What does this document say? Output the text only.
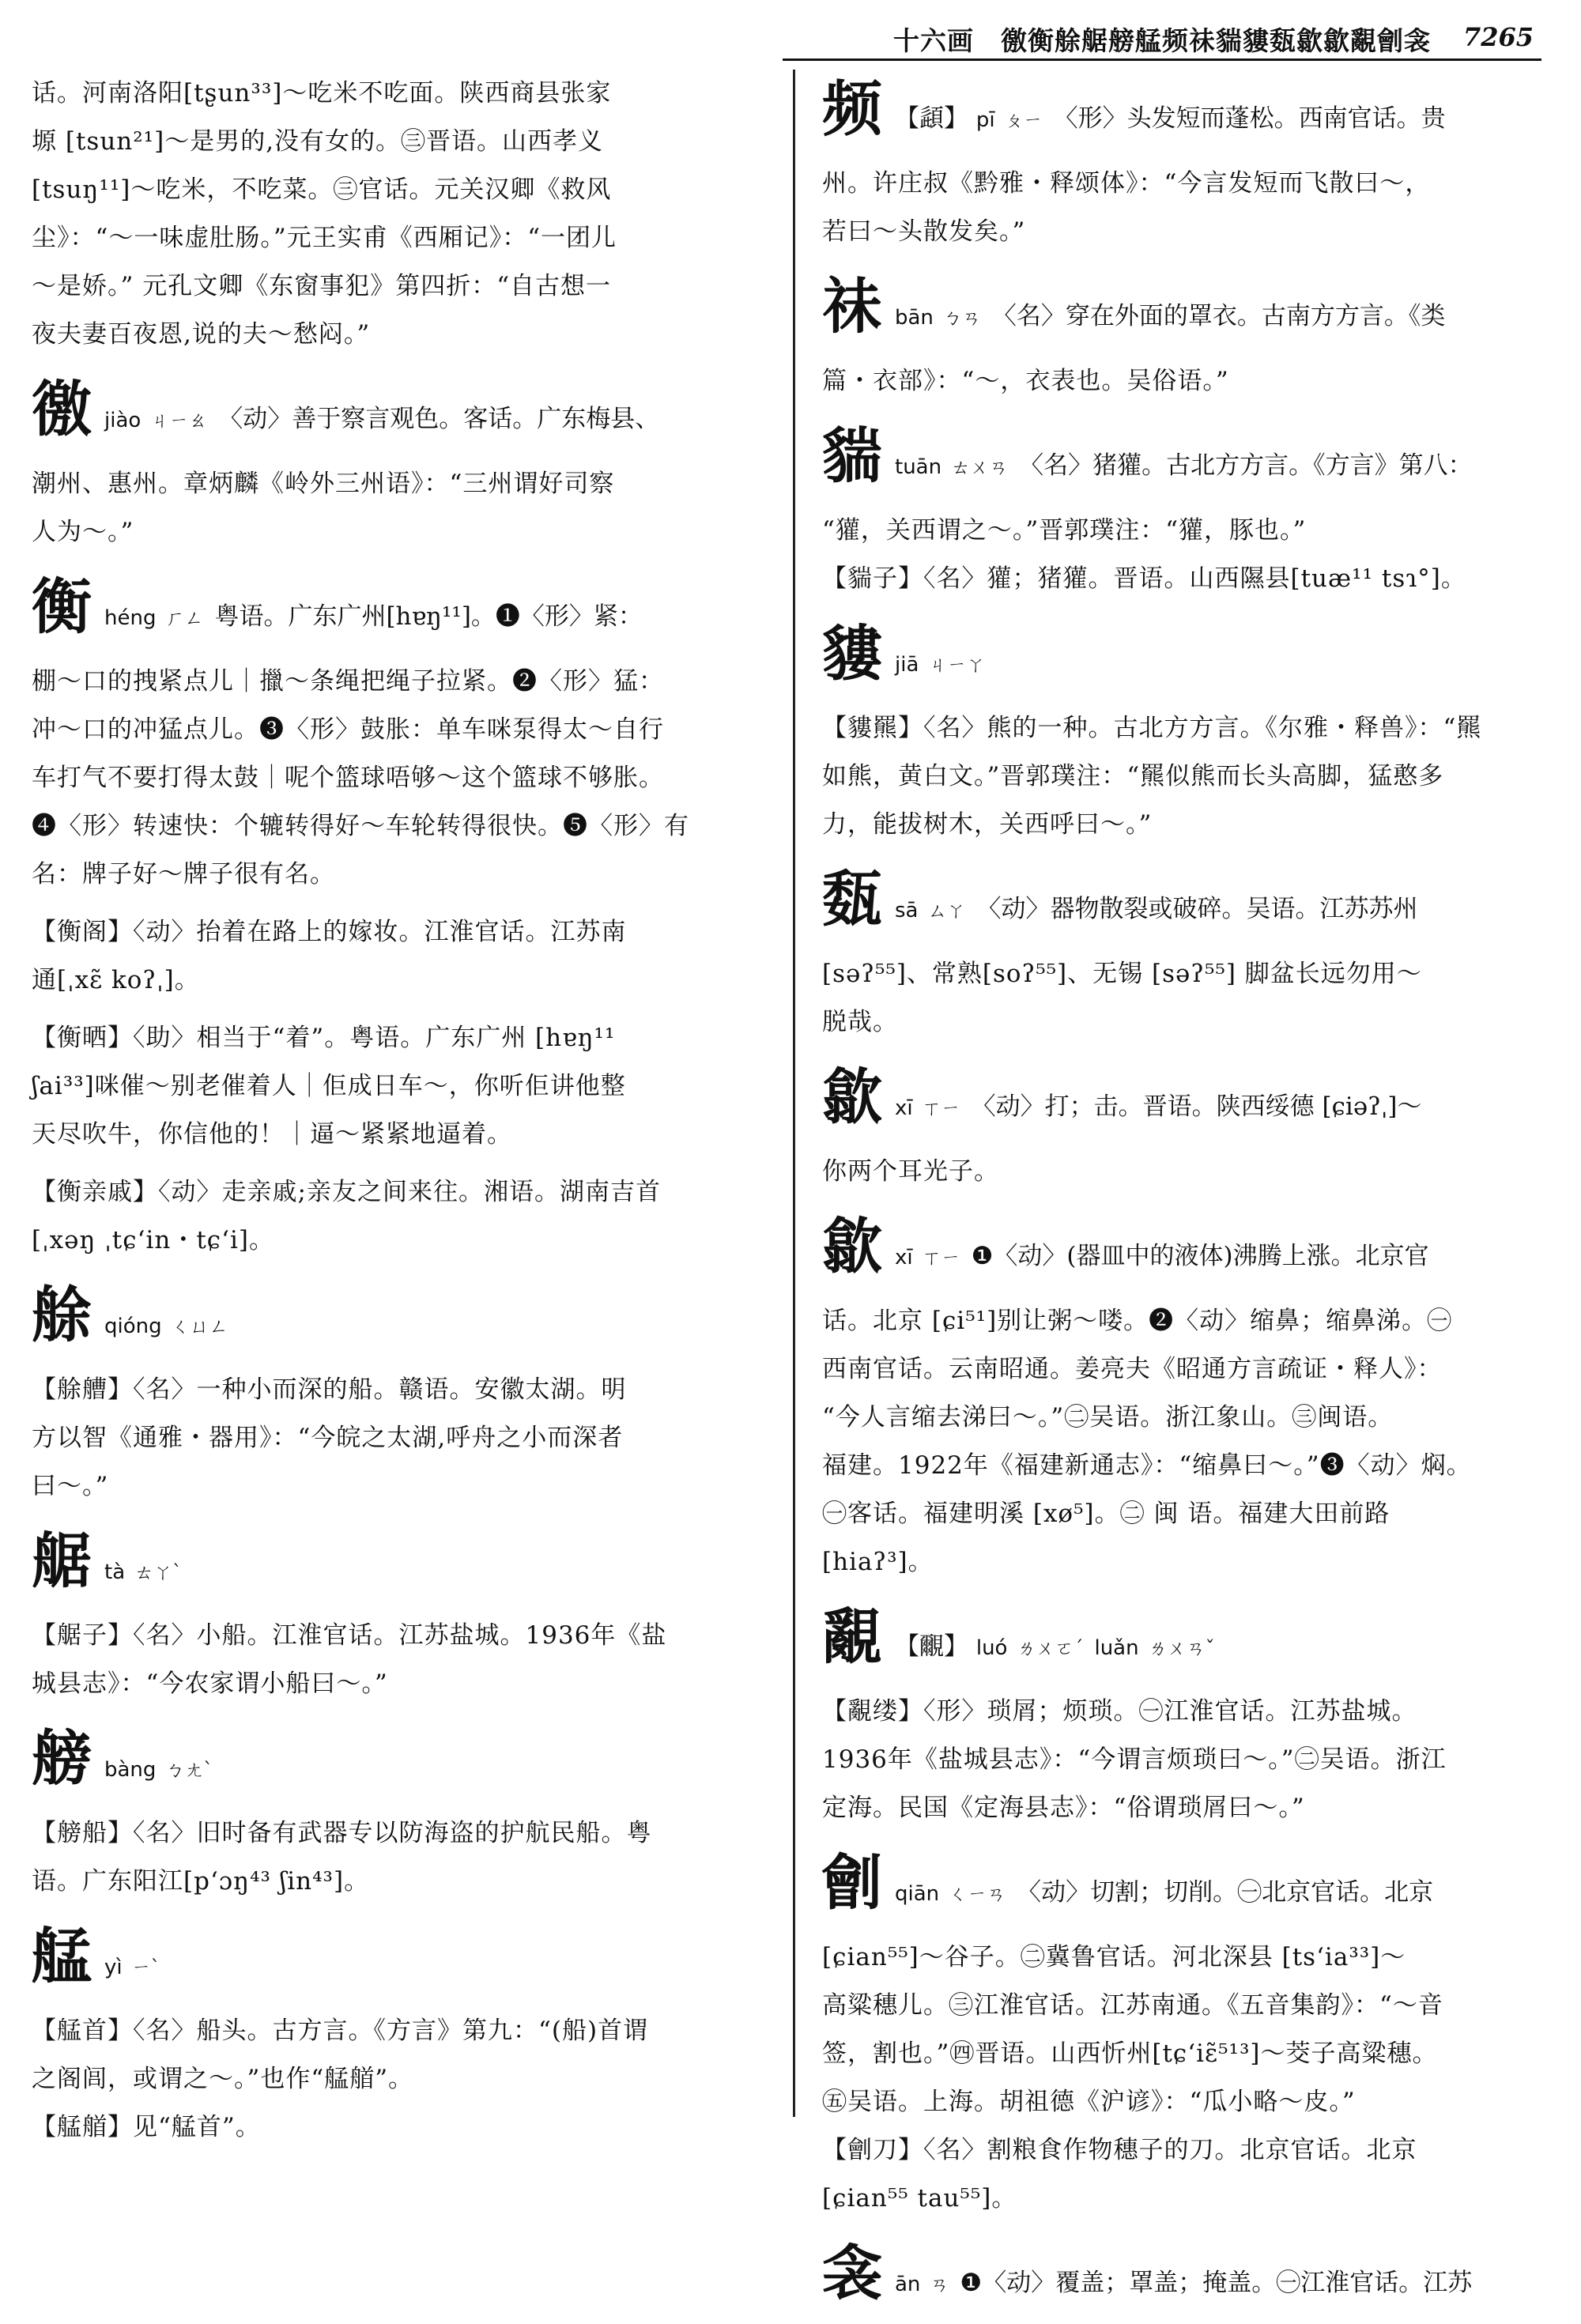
十六画　徼衡艅艍艕艋频祙貒貗瓾歙歙覶劊衾 7265
话。河南洛阳[tʂun³³]～吃米不吃面。陕西商县张家
塬 [tsun²¹]～是男的,没有女的。㊂晋语。山西孝义
[tsuŋ¹¹]～吃米，不吃菜。㊂官话。元关汉卿《救风
尘》：“～一味虚肚肠。”元王实甫《西厢记》：“一团儿
～是娇。” 元孔文卿《东窗事犯》第四折：“自古想一
夜夫妻百夜恩,说的夫～愁闷。”
徼jiào ㄐㄧㄠ 〈动〉善于察言观色。客话。广东梅县、
潮州、惠州。章炳麟《岭外三州语》：“三州谓好司察
人为～。”
衡héng ㄏㄥ 粤语。广东广州[hɐŋ¹¹]。❶〈形〉紧：
棚～口的拽紧点儿｜擸～条绳把绳子拉紧。❷〈形〉猛：
冲～口的冲猛点儿。❸〈形〉鼓胀：单车咪泵得太～自行
车打气不要打得太鼓｜呢个篮球唔够～这个篮球不够胀。
❹〈形〉转速快：个辘转得好～车轮转得很快。❺〈形〉有
名：牌子好～牌子很有名。
【衡阁】〈动〉抬着在路上的嫁妆。江淮官话。江苏南
通[ˌxɛ̃ koʔˌ]。
【衡晒】〈助〉相当于“着”。粤语。广东广州 [hɐŋ¹¹
ʃai³³]咪催～别老催着人｜佢成日车～，你听佢讲他整
天尽吹牛，你信他的！｜逼～紧紧地逼着。
【衡亲戚】〈动〉走亲戚;亲友之间来往。湘语。湖南吉首
[ˌxəŋ ˌtɕʻin・tɕʻi]。
艅qióng ㄑㄩㄥ
【艅艚】〈名〉一种小而深的船。赣语。安徽太湖。明
方以智《通雅・器用》：“今皖之太湖,呼舟之小而深者
曰～。”
艍tà ㄊㄚˋ
【艍子】〈名〉小船。江淮官话。江苏盐城。1936年《盐
城县志》：“今农家谓小船曰～。”
艕bàng ㄅㄤˋ
【艕船】〈名〉旧时备有武器专以防海盗的护航民船。粤
语。广东阳江[pʻɔŋ⁴³ ʃin⁴³]。
艋yì ㄧˋ
【艋首】〈名〉船头。古方言。《方言》第九：“(船)首谓
之阁闾，或谓之～。”也作“艋艏”。
【艋艏】见“艋首”。
频 【頿】 pī ㄆㄧ 〈形〉头发短而蓬松。西南官话。贵
州。许庄叔《黔雅・释颂体》：“今言发短而飞散曰～，
若曰～头散发矣。”
祙bān ㄅㄢ 〈名〉穿在外面的罩衣。古南方方言。《类
篇・衣部》：“～，衣表也。吴俗语。”
貒tuān ㄊㄨㄢ 〈名〉猪獾。古北方方言。《方言》第八：
“獾，关西谓之～。”晋郭璞注：“獾，豚也。”
【貒子】〈名〉獾；猪獾。晋语。山西隰县[tuæ¹¹ tsɿ°]。
貗jiā ㄐㄧㄚ
【貗羆】〈名〉熊的一种。古北方方言。《尔雅・释兽》：“羆
如熊，黄白文。”晋郭璞注：“羆似熊而长头高脚，猛憨多
力，能拔树木，关西呼曰～。”
瓾sā ㄙㄚ 〈动〉器物散裂或破碎。吴语。江苏苏州
[səʔ⁵⁵]、常熟[soʔ⁵⁵]、无锡 [səʔ⁵⁵] 脚盆长远勿用～
脱哉。
歙xī ㄒㄧ 〈动〉打；击。晋语。陕西绥德 [ɕiəʔˌ]～
你两个耳光子。
歙xī ㄒㄧ ❶〈动〉(器皿中的液体)沸腾上涨。北京官
话。北京 [ɕi⁵¹]别让粥～喽。❷〈动〉缩鼻；缩鼻涕。㊀
西南官话。云南昭通。姜亮夫《昭通方言疏证・释人》：
“今人言缩去涕曰～。”㊁吴语。浙江象山。㊂闽语。
福建。1922年《福建新通志》：“缩鼻曰～。”❸〈动〉焖。
㊀客话。福建明溪 [xø⁵]。㊁ 闽 语。福建大田前路
[hiaʔ³]。
覶 【覼】 luó ㄌㄨㄛˊ luǎn ㄌㄨㄢˇ
【覶缕】〈形〉琐屑；烦琐。㊀江淮官话。江苏盐城。
1936年《盐城县志》：“今谓言烦琐曰～。”㊁吴语。浙江
定海。民国《定海县志》：“俗谓琐屑曰～。”
劊qiān ㄑㄧㄢ 〈动〉切割；切削。㊀北京官话。北京
[ɕian⁵⁵]～谷子。㊁冀鲁官话。河北深县 [tsʻia³³]～
高粱穗儿。㊂江淮官话。江苏南通。《五音集韵》：“～音
签，割也。”㊃晋语。山西忻州[tɕʻiɛ̃⁵¹³]～茭子高粱穗。
㊄吴语。上海。胡祖德《沪谚》：“瓜小略～皮。”
【劊刀】〈名〉割粮食作物穗子的刀。北京官话。北京
[ɕian⁵⁵ tau⁵⁵]。
衾ān ㄢ ❶〈动〉覆盖；罩盖；掩盖。㊀江淮官话。江苏
